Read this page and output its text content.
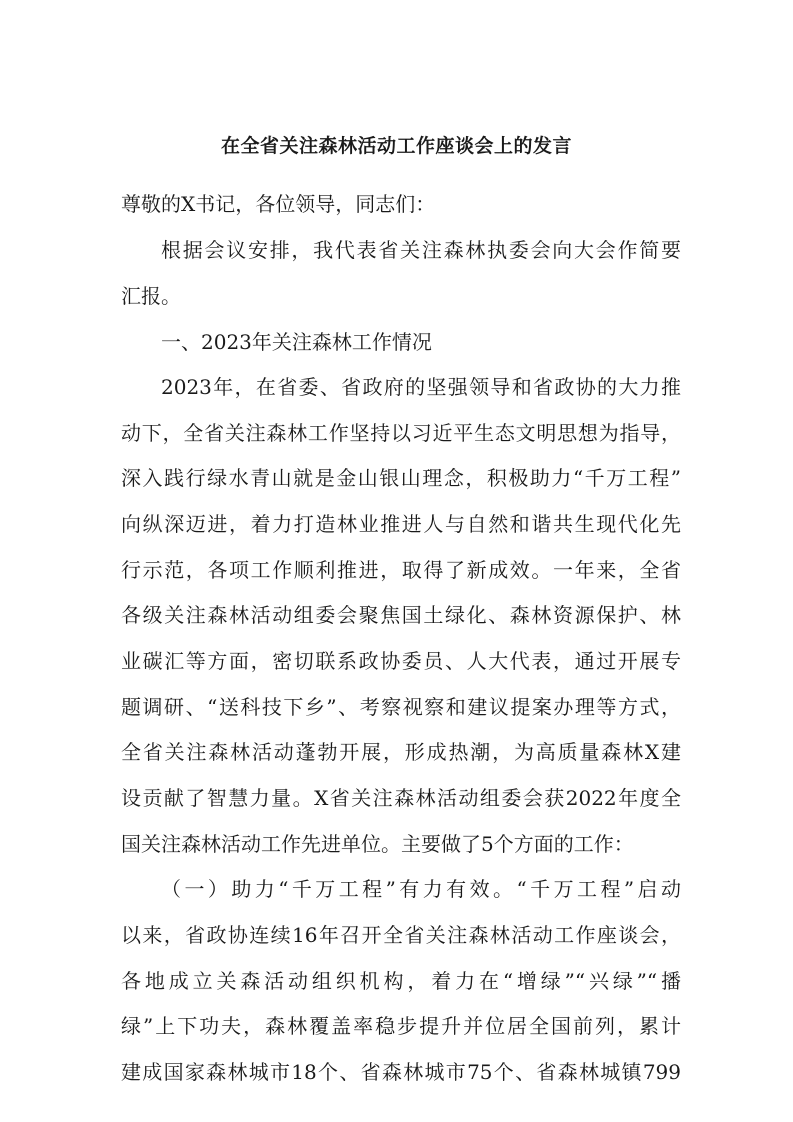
在全省关注森林活动工作座谈会上的发言
尊敬的X书记，各位领导，同志们：
根据会议安排，我代表省关注森林执委会向大会作简要
汇报。
一、2023年关注森林工作情况
2023年，在省委、省政府的坚强领导和省政协的大力推
动下，全省关注森林工作坚持以习近平生态文明思想为指导，
深入践行绿水青山就是金山银山理念，积极助力“千万工程”
向纵深迈进，着力打造林业推进人与自然和谐共生现代化先
行示范，各项工作顺利推进，取得了新成效。一年来，全省
各级关注森林活动组委会聚焦国土绿化、森林资源保护、林
业碳汇等方面，密切联系政协委员、人大代表，通过开展专
题调研、“送科技下乡”、考察视察和建议提案办理等方式，
全省关注森林活动蓬勃开展，形成热潮，为高质量森林X建
设贡献了智慧力量。X省关注森林活动组委会获2022年度全
国关注森林活动工作先进单位。主要做了5个方面的工作：
（一）助力“千万工程”有力有效。“千万工程”启动
以来，省政协连续16年召开全省关注森林活动工作座谈会，
各地成立关森活动组织机构，着力在“增绿”“兴绿”“播
绿”上下功夫，森林覆盖率稳步提升并位居全国前列，累计
建成国家森林城市18个、省森林城市75个、省森林城镇799
